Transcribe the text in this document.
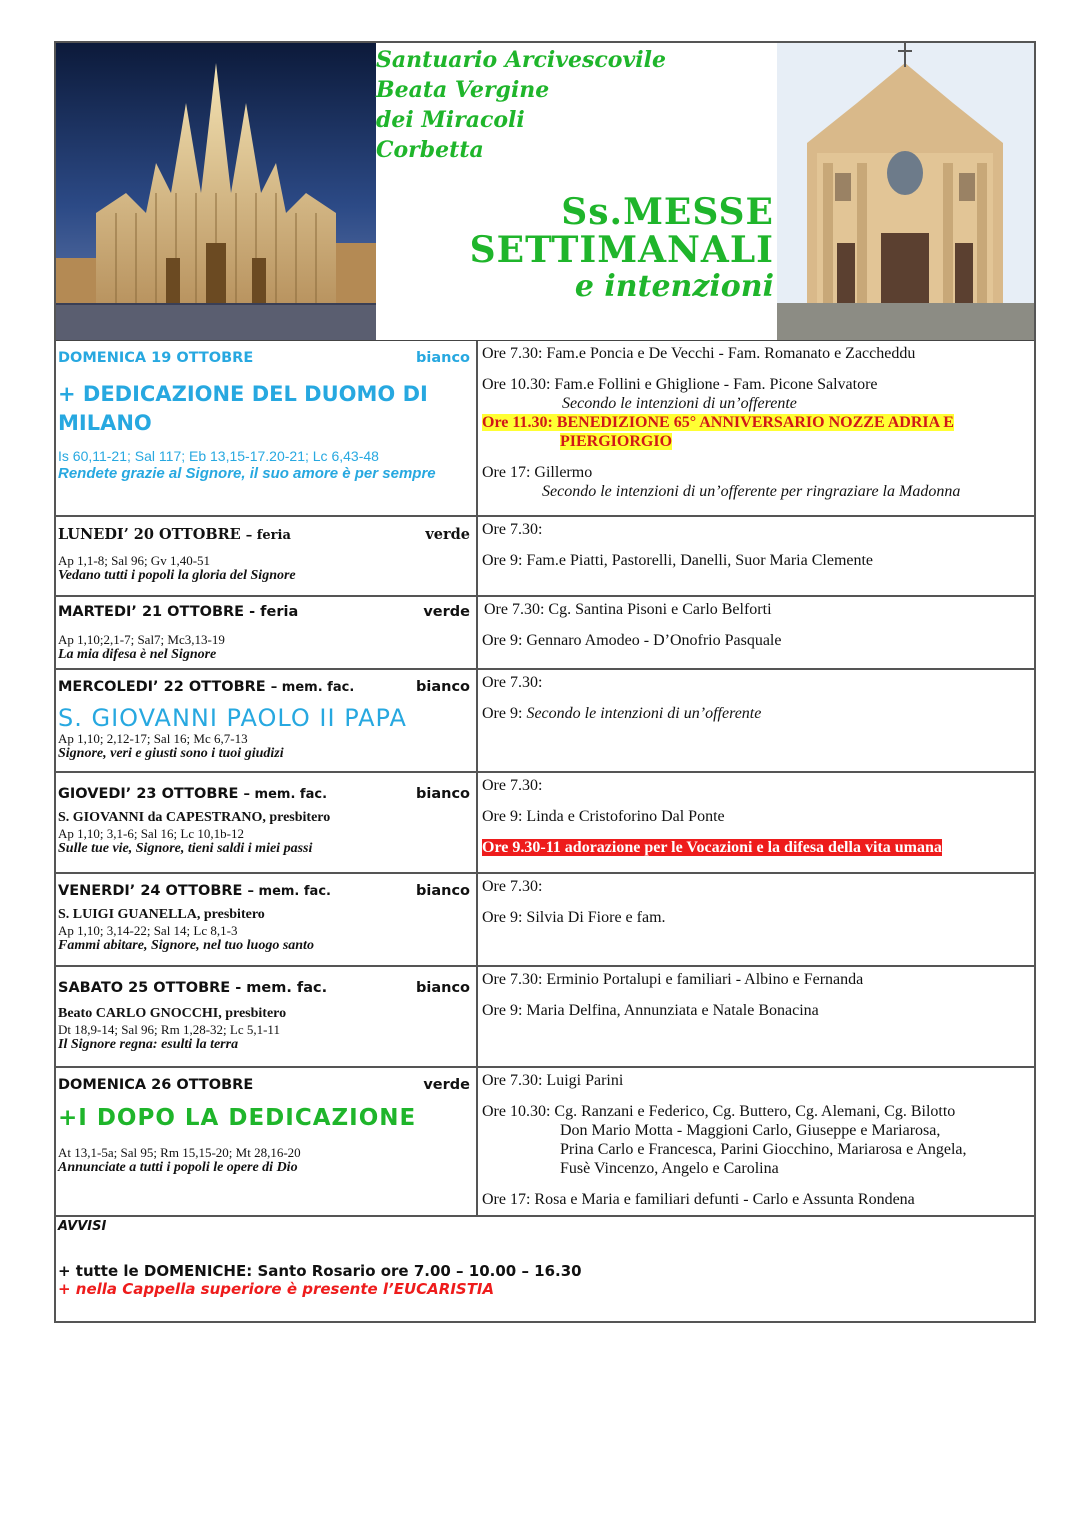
Santuario Arcivescovile
Beata Vergine
dei Miracoli
Corbetta
Ss.MESSE
SETTIMANALI
e intenzioni
DOMENICA 19 OTTOBRE	bianco
+ DEDICAZIONE DEL DUOMO DI MILANO
Is 60,11-21; Sal 117; Eb 13,15-17.20-21; Lc 6,43-48
Rendete grazie al Signore, il suo amore è per sempre
Ore 7.30: Fam.e Poncia e De Vecchi - Fam. Romanato e Zaccheddu
Ore 10.30: Fam.e Follini e Ghiglione - Fam. Picone Salvatore
Secondo le intenzioni di un’offerente
Ore 11.30: BENEDIZIONE 65° ANNIVERSARIO NOZZE ADRIA E
PIERGIORGIO
Ore 17: Gillermo
Secondo le intenzioni di un’offerente per ringraziare la Madonna
LUNEDI’ 20 OTTOBRE – feria	verde
Ap 1,1-8; Sal 96; Gv 1,40-51
Vedano tutti i popoli la gloria del Signore
Ore 7.30:
Ore 9: Fam.e Piatti, Pastorelli, Danelli, Suor Maria Clemente
MARTEDI’ 21 OTTOBRE - feria	verde
Ap 1,10;2,1-7; Sal7; Mc3,13-19
La mia difesa è nel Signore
Ore 7.30: Cg. Santina Pisoni e Carlo Belforti
Ore 9: Gennaro Amodeo - D’Onofrio Pasquale
MERCOLEDI’ 22 OTTOBRE – mem. fac.	bianco
S. GIOVANNI PAOLO II PAPA
Ap 1,10; 2,12-17; Sal 16; Mc 6,7-13
Signore, veri e giusti sono i tuoi giudizi
Ore 7.30:
Ore 9: Secondo le intenzioni di un’offerente
GIOVEDI’ 23 OTTOBRE – mem. fac.	bianco
S. GIOVANNI da CAPESTRANO, presbitero
Ap 1,10; 3,1-6; Sal 16; Lc 10,1b-12
Sulle tue vie, Signore, tieni saldi i miei passi
Ore 7.30:
Ore 9: Linda e Cristoforino Dal Ponte
Ore 9.30-11 adorazione per le Vocazioni e la difesa della vita umana
VENERDI’ 24 OTTOBRE – mem. fac.	bianco
S. LUIGI GUANELLA, presbitero
Ap 1,10; 3,14-22; Sal 14; Lc 8,1-3
Fammi abitare, Signore, nel tuo luogo santo
Ore 7.30:
Ore 9: Silvia Di Fiore e fam.
SABATO 25 OTTOBRE - mem. fac.	bianco
Beato CARLO GNOCCHI, presbitero
Dt 18,9-14; Sal 96; Rm 1,28-32; Lc 5,1-11
Il Signore regna: esulti la terra
Ore 7.30: Erminio Portalupi e familiari - Albino e Fernanda
Ore 9: Maria Delfina, Annunziata e Natale Bonacina
DOMENICA 26 OTTOBRE	verde
+I DOPO LA DEDICAZIONE
At 13,1-5a; Sal 95; Rm 15,15-20; Mt 28,16-20
Annunciate a tutti i popoli le opere di Dio
Ore 7.30: Luigi Parini
Ore 10.30: Cg. Ranzani e Federico, Cg. Buttero, Cg. Alemani, Cg. Bilotto
Don Mario Motta - Maggioni Carlo, Giuseppe e Mariarosa,
Prina Carlo e Francesca, Parini Giocchino, Mariarosa e Angela,
Fusè Vincenzo, Angelo e Carolina
Ore 17: Rosa e Maria e familiari defunti - Carlo e Assunta Rondena
AVVISI
+ tutte le DOMENICHE: Santo Rosario ore 7.00 – 10.00 – 16.30
+ nella Cappella superiore è presente l’EUCARISTIA
